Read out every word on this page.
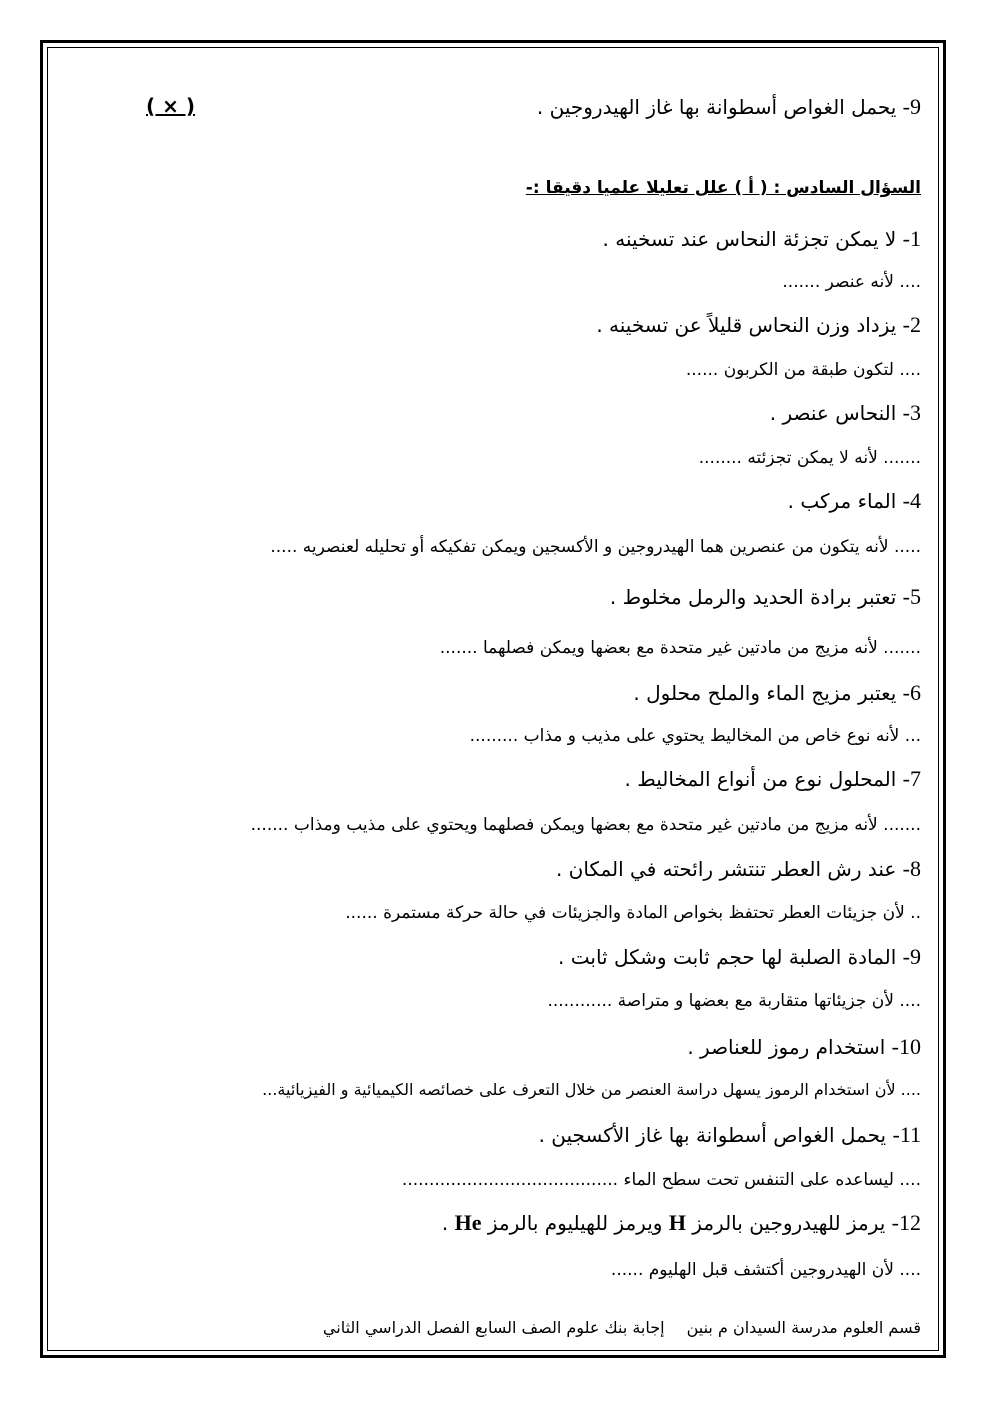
9- يحمل الغواص أسطوانة بها غاز الهيدروجين .
( × )
السؤال السادس : ( أ ) علل تعليلا علميا دقيقا :-
1- لا يمكن تجزئة النحاس عند تسخينه .
.... لأنه عنصر .......
2- يزداد وزن النحاس قليلاً عن تسخينه .
.... لتكون طبقة من الكربون ......
3- النحاس عنصر .
....... لأنه لا يمكن تجزئته ........
4- الماء مركب .
..... لأنه يتكون من عنصرين هما الهيدروجين و الأكسجين ويمكن تفكيكه أو تحليله لعنصريه .....
5- تعتبر برادة الحديد والرمل مخلوط .
....... لأنه مزيج من مادتين غير متحدة مع بعضها ويمكن فصلهما .......
6- يعتبر مزيج الماء والملح محلول .
... لأنه نوع خاص من المخاليط يحتوي على مذيب و مذاب .........
7- المحلول نوع من أنواع المخاليط .
....... لأنه مزيج من مادتين غير متحدة مع بعضها ويمكن فصلهما ويحتوي على مذيب ومذاب .......
8- عند رش العطر تنتشر رائحته في المكان .
.. لأن جزيئات العطر تحتفظ بخواص المادة والجزيئات في حالة حركة مستمرة ......
9- المادة الصلبة لها حجم ثابت وشكل ثابت .
.... لأن جزيئاتها متقاربة مع بعضها و متراصة ............
10- استخدام رموز للعناصر .
.... لأن استخدام الرموز يسهل دراسة العنصر من خلال التعرف على خصائصه الكيميائية و الفيزيائية...
11- يحمل الغواص أسطوانة بها غاز الأكسجين .
.... ليساعده على التنفس تحت سطح الماء ........................................
12- يرمز للهيدروجين بالرمز H ويرمز للهيليوم بالرمز He .
.... لأن الهيدروجين أكتشف قبل الهليوم ......
قسم العلوم مدرسة السيدان م بنينإجابة بنك علوم الصف السابع الفصل الدراسي الثاني
